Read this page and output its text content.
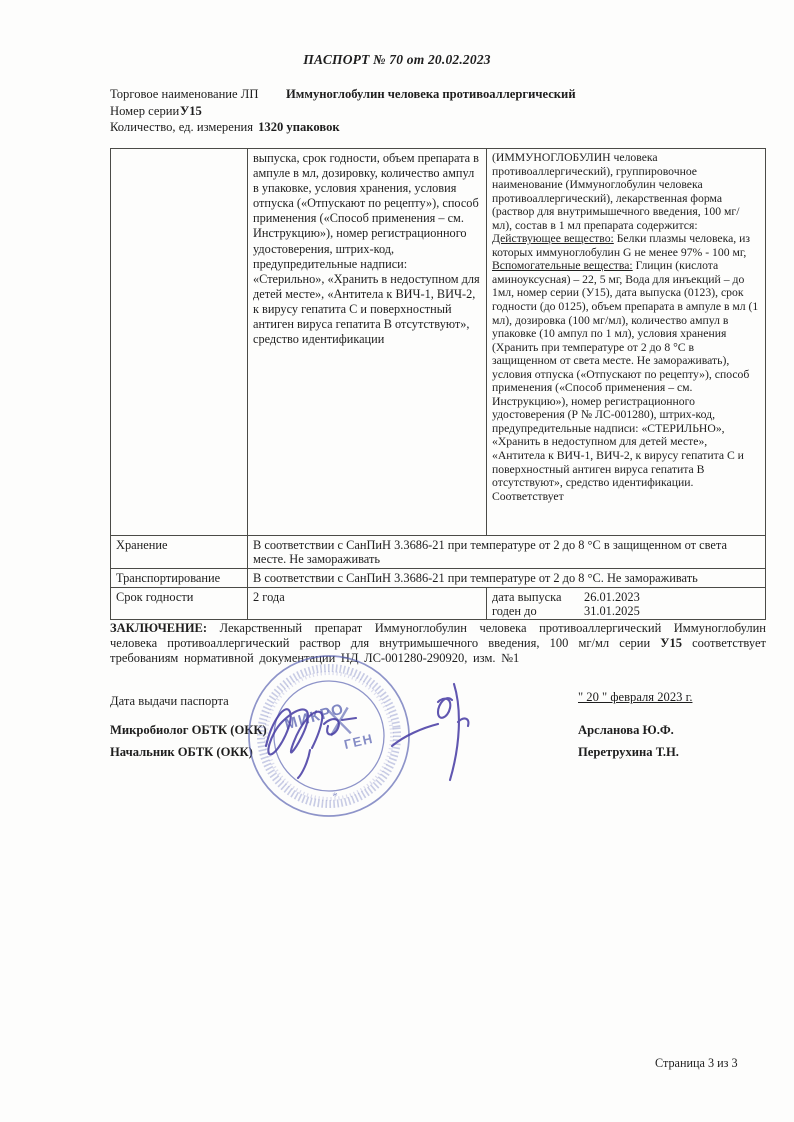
ПАСПОРТ № 70 от 20.02.2023
Торговое наименование ЛП	Иммуноглобулин человека противоаллергический
Номер серии У15
Количество, ед. измерения 1320 упаковок
выпуска, срок годности, объем препарата в ампуле в мл, дозировку, количество ампул в упаковке, условия хранения, условия отпуска («Отпускают по рецепту»), способ применения («Способ применения – см. Инструкцию»), номер регистрационного удостоверения, штрих-код, предупредительные надписи: «Стерильно», «Хранить в недоступном для детей месте», «Антитела к ВИЧ-1, ВИЧ-2, к вирусу гепатита С и поверхностный антиген вируса гепатита В отсутствуют», средство идентификации
(ИММУНОГЛОБУЛИН человека противоаллергический), группировочное наименование (Иммуноглобулин человека противоаллергический), лекарственная форма (раствор для внутримышечного введения, 100 мг/мл), состав в 1 мл препарата содержится: Действующее вещество: Белки плазмы человека, из которых иммуноглобулин G не менее 97% - 100 мг, Вспомогательные вещества: Глицин (кислота аминоуксусная) – 22, 5 мг, Вода для инъекций – до 1мл, номер серии (У15), дата выпуска (0123), срок годности (до 0125), объем препарата в ампуле в мл (1 мл), дозировка (100 мг/мл), количество ампул в упаковке (10 ампул по 1 мл), условия хранения (Хранить при температуре от 2 до 8 °С в защищенном от света месте. Не замораживать), условия отпуска («Отпускают по рецепту»), способ применения («Способ применения – см. Инструкцию»), номер регистрационного удостоверения (Р № ЛС-001280), штрих-код, предупредительные надписи: «СТЕРИЛЬНО», «Хранить в недоступном для детей месте», «Антитела к ВИЧ-1, ВИЧ-2, к вирусу гепатита С и поверхностный антиген вируса гепатита В отсутствуют», средство идентификации. Соответствует
Хранение	В соответствии с СанПиН 3.3686-21 при температуре от 2 до 8 °С в защищенном от света месте. Не замораживать
Транспортирование	В соответствии с СанПиН 3.3686-21 при температуре от 2 до 8 °С. Не замораживать
Срок годности	2 года	дата выпуска	26.01.2023
годен до	31.01.2025
ЗАКЛЮЧЕНИЕ: Лекарственный препарат Иммуноглобулин человека противоаллергический Иммуноглобулин человека противоаллергический раствор для внутримышечного введения, 100 мг/мл серии У15 соответствует требованиям нормативной документации НД ЛС-001280-290920, изм. №1
Дата выдачи паспорта	" 20 " февраля 2023 г.
Микробиолог ОБТК (ОКК)
Начальник ОБТК (ОКК)
Арсланова Ю.Ф.
Перетрухина Т.Н.
МИКРО
ГЕН
*
Страница 3 из 3
